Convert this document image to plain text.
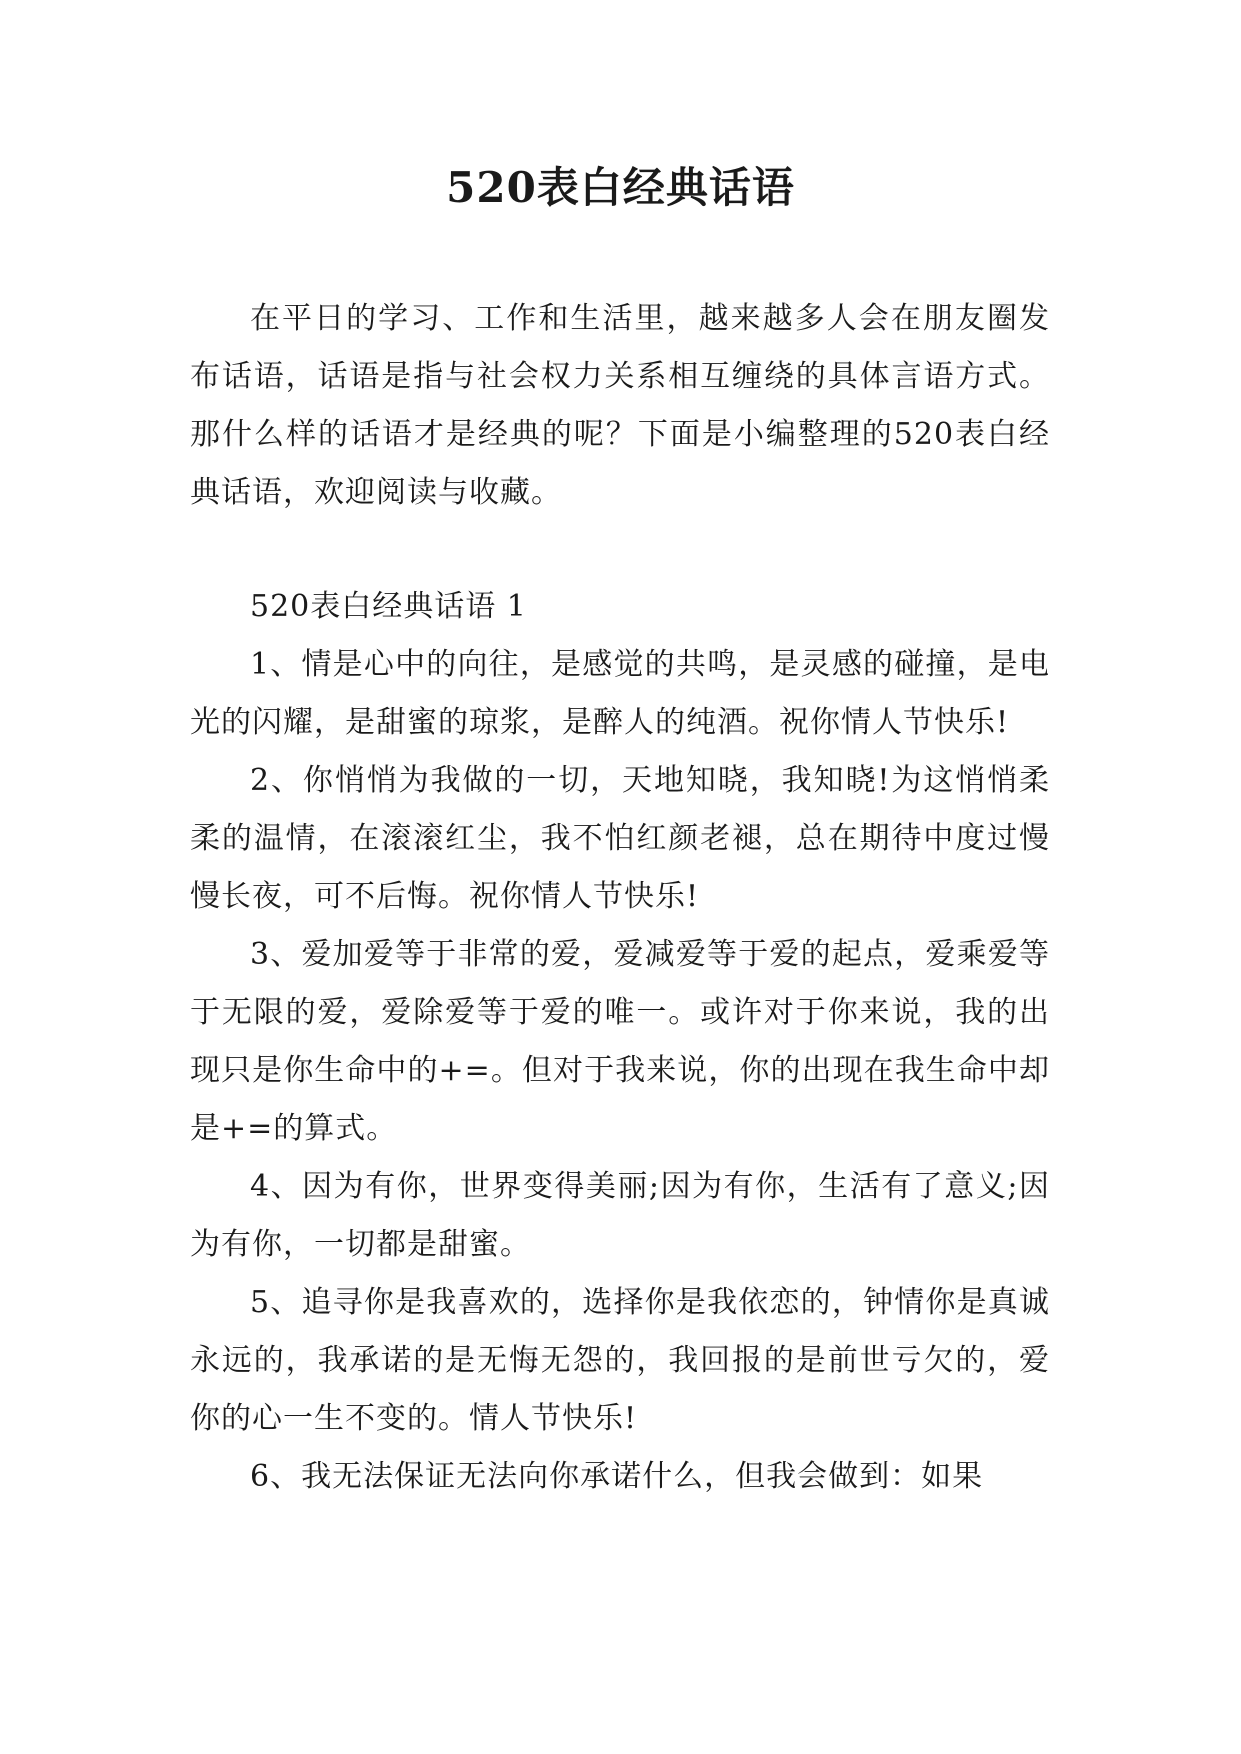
520表白经典话语

在平日的学习、工作和生活里，越来越多人会在朋友圈发布话语，话语是指与社会权力关系相互缠绕的具体言语方式。那什么样的话语才是经典的呢？下面是小编整理的520表白经典话语，欢迎阅读与收藏。

520表白经典话语 1

1、情是心中的向往，是感觉的共鸣，是灵感的碰撞，是电光的闪耀，是甜蜜的琼浆，是醉人的纯酒。祝你情人节快乐!

2、你悄悄为我做的一切，天地知晓，我知晓!为这悄悄柔柔的温情，在滚滚红尘，我不怕红颜老褪，总在期待中度过慢慢长夜，可不后悔。祝你情人节快乐!

3、爱加爱等于非常的爱，爱减爱等于爱的起点，爱乘爱等于无限的爱，爱除爱等于爱的唯一。或许对于你来说，我的出现只是你生命中的+=。但对于我来说，你的出现在我生命中却是+=的算式。

4、因为有你，世界变得美丽;因为有你，生活有了意义;因为有你，一切都是甜蜜。

5、追寻你是我喜欢的，选择你是我依恋的，钟情你是真诚永远的，我承诺的是无悔无怨的，我回报的是前世亏欠的，爱你的心一生不变的。情人节快乐!

6、我无法保证无法向你承诺什么，但我会做到：如果
